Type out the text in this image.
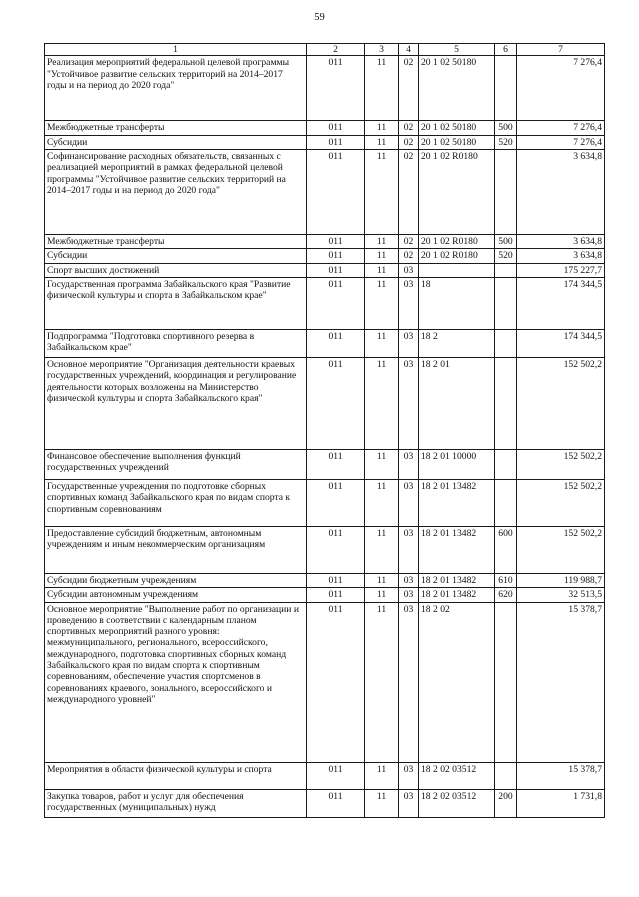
59
1	2	3	4	5	6	7
Реализация мероприятий федеральной целевой программы "Устойчивое развитие сельских территорий на 2014–2017 годы и на период до 2020 года"	011	11	02	20 1 02 50180		7 276,4
Межбюджетные трансферты	011	11	02	20 1 02 50180	500	7 276,4
Субсидии	011	11	02	20 1 02 50180	520	7 276,4
Софинансирование расходных обязательств, связанных с реализацией мероприятий в рамках федеральной целевой программы "Устойчивое развитие сельских территорий на 2014–2017 годы и на период до 2020 года"	011	11	02	20 1 02 R0180		3 634,8
Межбюджетные трансферты	011	11	02	20 1 02 R0180	500	3 634,8
Субсидии	011	11	02	20 1 02 R0180	520	3 634,8
Спорт высших достижений	011	11	03			175 227,7
Государственная программа Забайкальского края "Развитие физической культуры и спорта в Забайкальском крае"	011	11	03	18		174 344,5
Подпрограмма "Подготовка спортивного резерва в Забайкальском крае"	011	11	03	18 2		174 344,5
Основное мероприятие "Организация деятельности краевых государственных учреждений, координация и регулирование деятельности которых возложены на Министерство физической культуры и спорта Забайкальского края"	011	11	03	18 2 01		152 502,2
Финансовое обеспечение выполнения функций государственных учреждений	011	11	03	18 2 01 10000		152 502,2
Государственные учреждения по подготовке сборных спортивных команд Забайкальского края по видам спорта к спортивным соревнованиям	011	11	03	18 2 01 13482		152 502,2
Предоставление субсидий бюджетным, автономным учреждениям и иным некоммерческим организациям	011	11	03	18 2 01 13482	600	152 502,2
Субсидии бюджетным учреждениям	011	11	03	18 2 01 13482	610	119 988,7
Субсидии автономным учреждениям	011	11	03	18 2 01 13482	620	32 513,5
Основное мероприятие "Выполнение работ по организации и проведению в соответствии с календарным планом спортивных мероприятий разного уровня: межмуниципального, регионального, всероссийского, международного, подготовка спортивных сборных команд Забайкальского края по видам спорта к спортивным соревнованиям, обеспечение участия спортсменов в соревнованиях краевого, зонального, всероссийского и международного уровней"	011	11	03	18 2 02		15 378,7
Мероприятия в области физической культуры и спорта	011	11	03	18 2 02 03512		15 378,7
Закупка товаров, работ и услуг для обеспечения государственных (муниципальных) нужд	011	11	03	18 2 02 03512	200	1 731,8
